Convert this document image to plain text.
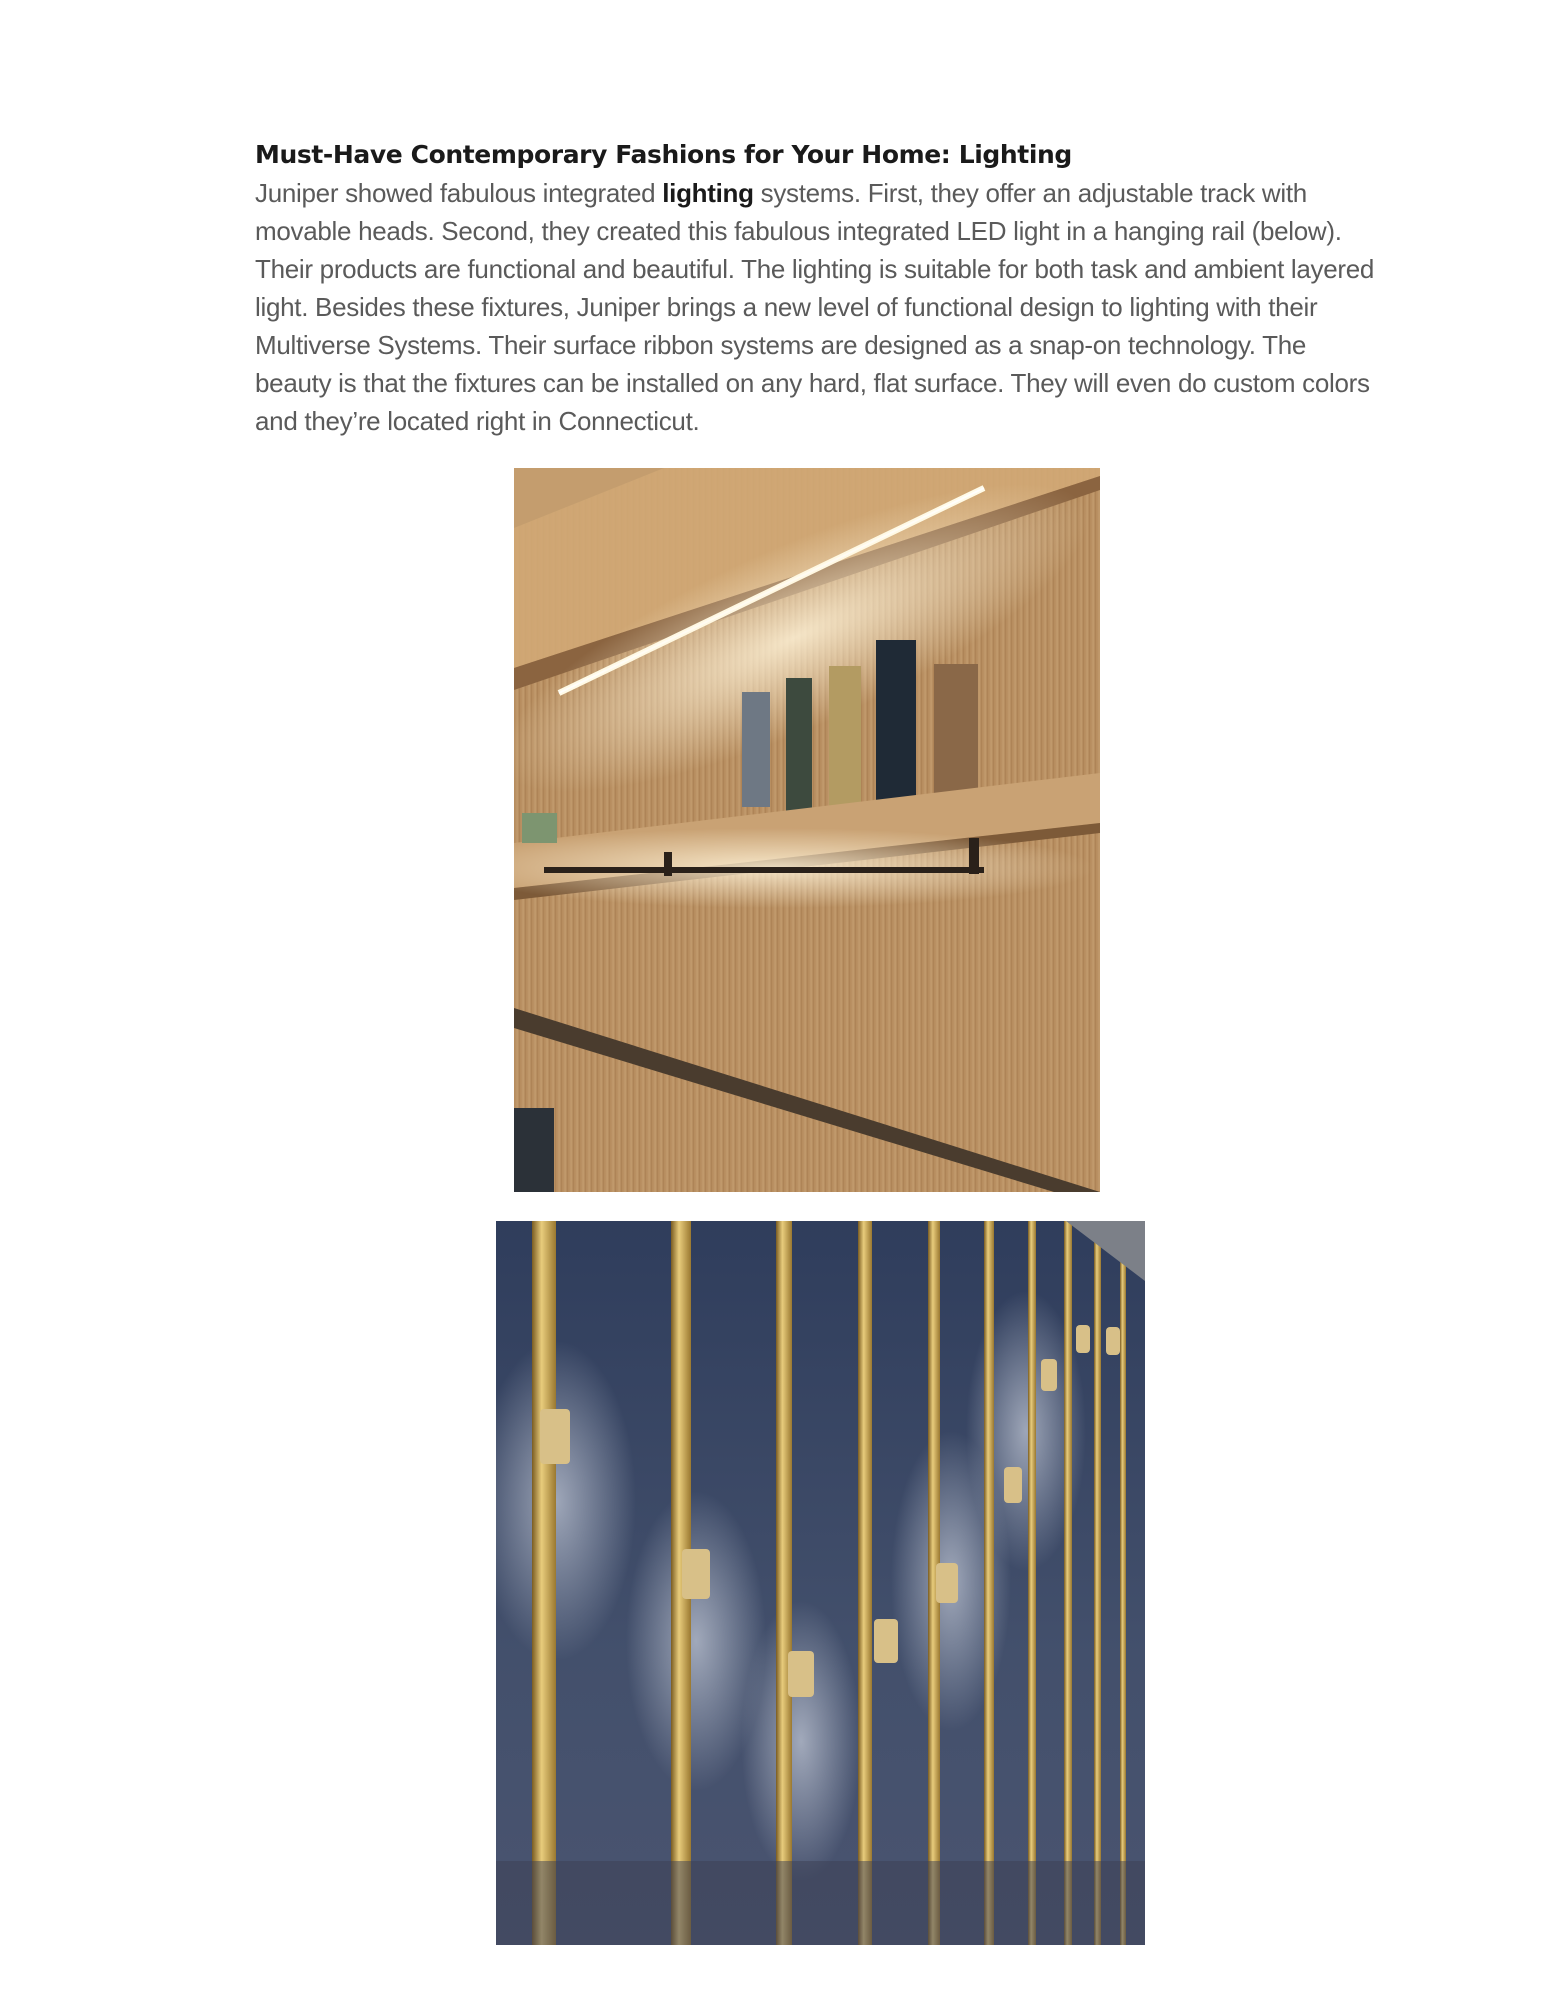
Must-Have Contemporary Fashions for Your Home: Lighting

Juniper showed fabulous integrated lighting systems. First, they offer an adjustable track with movable heads. Second, they created this fabulous integrated LED light in a hanging rail (below). Their products are functional and beautiful. The lighting is suitable for both task and ambient layered light. Besides these fixtures, Juniper brings a new level of functional design to lighting with their Multiverse Systems. Their surface ribbon systems are designed as a snap-on technology. The beauty is that the fixtures can be installed on any hard, flat surface. They will even do custom colors and they’re located right in Connecticut.
